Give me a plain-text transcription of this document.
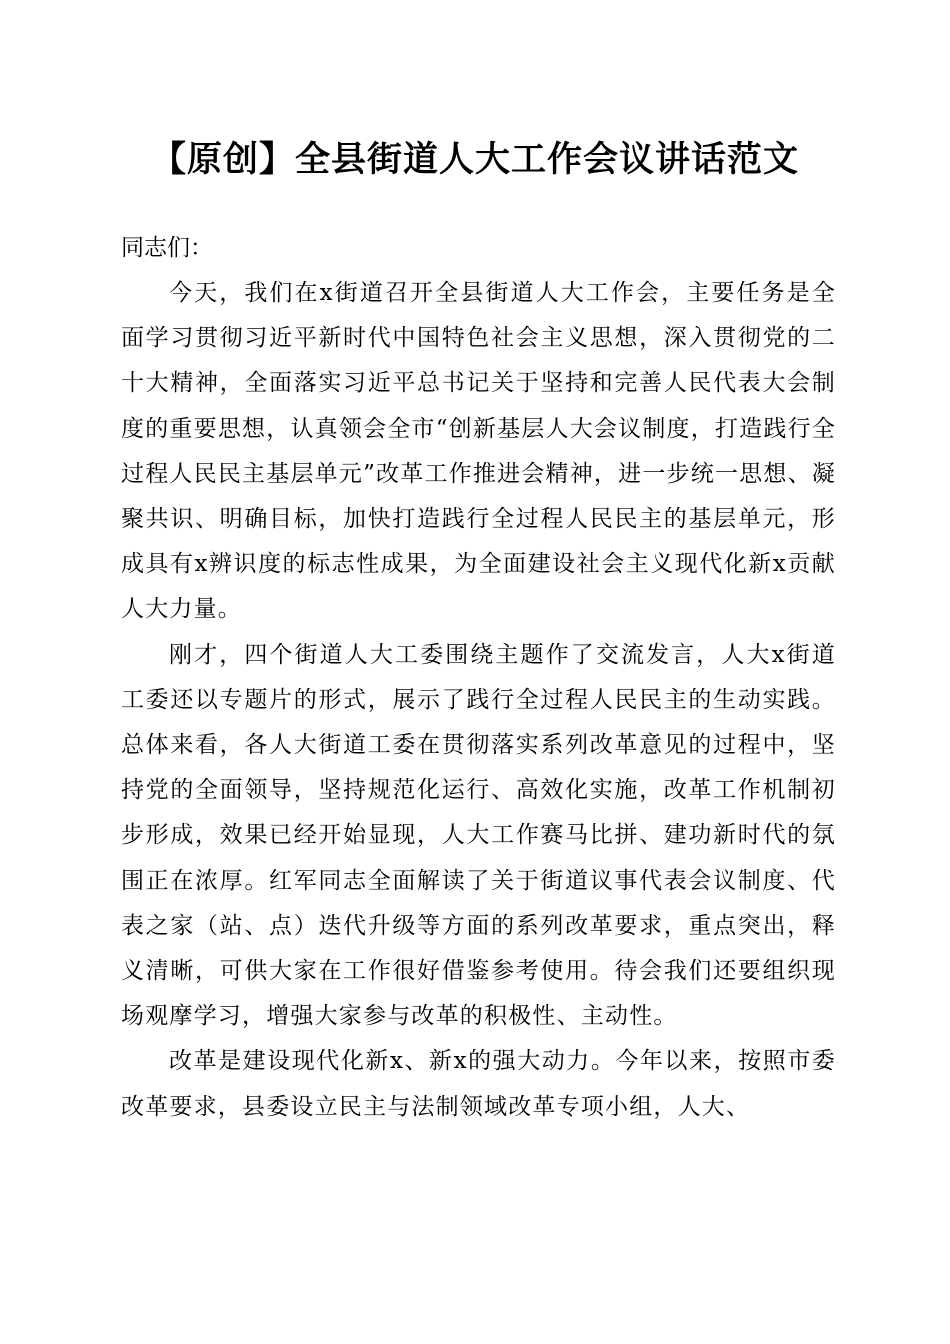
【原创】全县街道人大工作会议讲话范文

同志们：

今天，我们在x街道召开全县街道人大工作会，主要任务是全面学习贯彻习近平新时代中国特色社会主义思想，深入贯彻党的二十大精神，全面落实习近平总书记关于坚持和完善人民代表大会制度的重要思想，认真领会全市“创新基层人大会议制度，打造践行全过程人民民主基层单元”改革工作推进会精神，进一步统一思想、凝聚共识、明确目标，加快打造践行全过程人民民主的基层单元，形成具有x辨识度的标志性成果，为全面建设社会主义现代化新x贡献人大力量。

刚才，四个街道人大工委围绕主题作了交流发言，人大x街道工委还以专题片的形式，展示了践行全过程人民民主的生动实践。总体来看，各人大街道工委在贯彻落实系列改革意见的过程中，坚持党的全面领导，坚持规范化运行、高效化实施，改革工作机制初步形成，效果已经开始显现，人大工作赛马比拼、建功新时代的氛围正在浓厚。红军同志全面解读了关于街道议事代表会议制度、代表之家（站、点）迭代升级等方面的系列改革要求，重点突出，释义清晰，可供大家在工作很好借鉴参考使用。待会我们还要组织现场观摩学习，增强大家参与改革的积极性、主动性。

改革是建设现代化新x、新x的强大动力。今年以来，按照市委改革要求，县委设立民主与法制领域改革专项小组，人大、
